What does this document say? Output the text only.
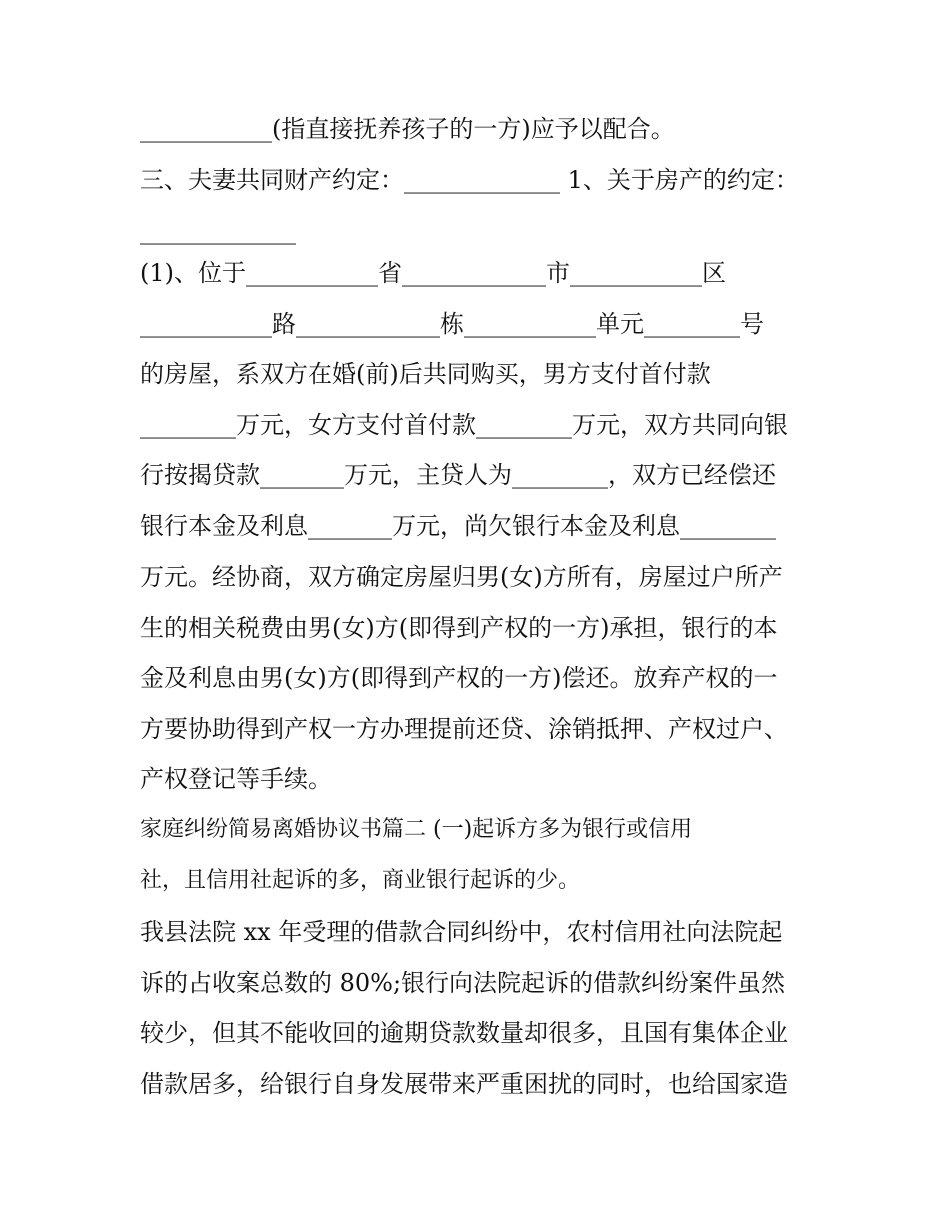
___________(指直接抚养孩子的一方)应予以配合。
三、夫妻共同财产约定：_____________ 1、关于房产的约定：
_____________
(1)、位于___________省____________市___________区
___________路____________栋___________单元________号
的房屋，系双方在婚(前)后共同购买，男方支付首付款
________万元，女方支付首付款________万元，双方共同向银
行按揭贷款_______万元，主贷人为________，双方已经偿还
银行本金及利息_______万元，尚欠银行本金及利息________
万元。经协商，双方确定房屋归男(女)方所有，房屋过户所产
生的相关税费由男(女)方(即得到产权的一方)承担，银行的本
金及利息由男(女)方(即得到产权的一方)偿还。放弃产权的一
方要协助得到产权一方办理提前还贷、涂销抵押、产权过户、
产权登记等手续。
家庭纠纷简易离婚协议书篇二 (一)起诉方多为银行或信用
社，且信用社起诉的多，商业银行起诉的少。
我县法院 xx 年受理的借款合同纠纷中，农村信用社向法院起
诉的占收案总数的 80%;银行向法院起诉的借款纠纷案件虽然
较少，但其不能收回的逾期贷款数量却很多，且国有集体企业
借款居多，给银行自身发展带来严重困扰的同时，也给国家造
